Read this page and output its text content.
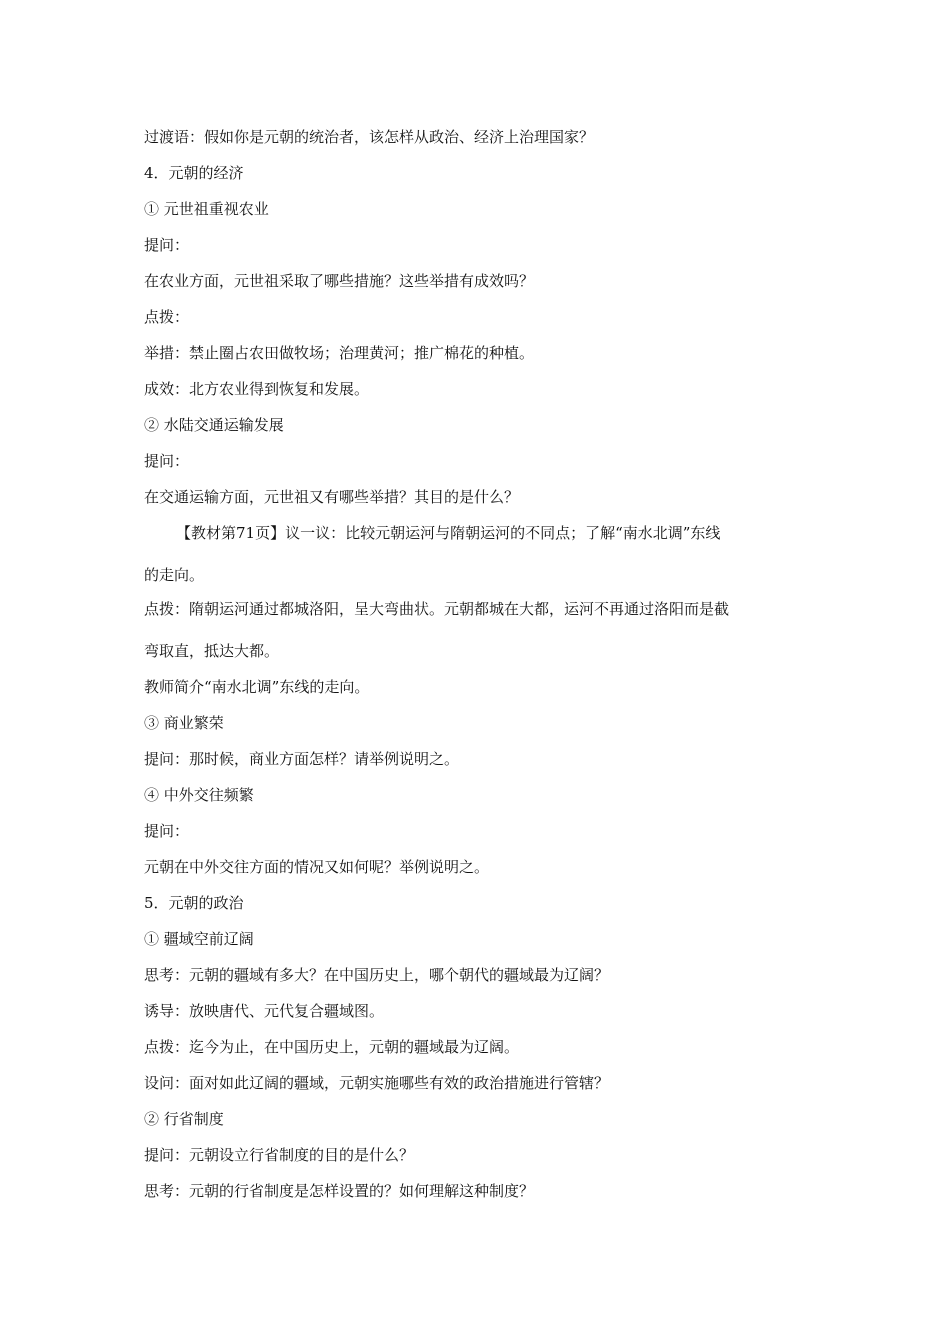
过渡语：假如你是元朝的统治者，该怎样从政治、经济上治理国家？
4．元朝的经济
① 元世祖重视农业
提问：
在农业方面，元世祖采取了哪些措施？这些举措有成效吗？
点拨：
举措：禁止圈占农田做牧场；治理黄河；推广棉花的种植。
成效：北方农业得到恢复和发展。
② 水陆交通运输发展
提问：
在交通运输方面，元世祖又有哪些举措？其目的是什么？
【教材第71页】议一议：比较元朝运河与隋朝运河的不同点；了解“南水北调”东线
的走向。
点拨：隋朝运河通过都城洛阳，呈大弯曲状。元朝都城在大都，运河不再通过洛阳而是截
弯取直，抵达大都。
教师简介“南水北调”东线的走向。
③ 商业繁荣
提问：那时候，商业方面怎样？请举例说明之。
④ 中外交往频繁
提问：
元朝在中外交往方面的情况又如何呢？举例说明之。
5．元朝的政治
① 疆域空前辽阔
思考：元朝的疆域有多大？在中国历史上，哪个朝代的疆域最为辽阔？
诱导：放映唐代、元代复合疆域图。
点拨：迄今为止，在中国历史上，元朝的疆域最为辽阔。
设问：面对如此辽阔的疆域，元朝实施哪些有效的政治措施进行管辖？
② 行省制度
提问：元朝设立行省制度的目的是什么？
思考：元朝的行省制度是怎样设置的？如何理解这种制度？
